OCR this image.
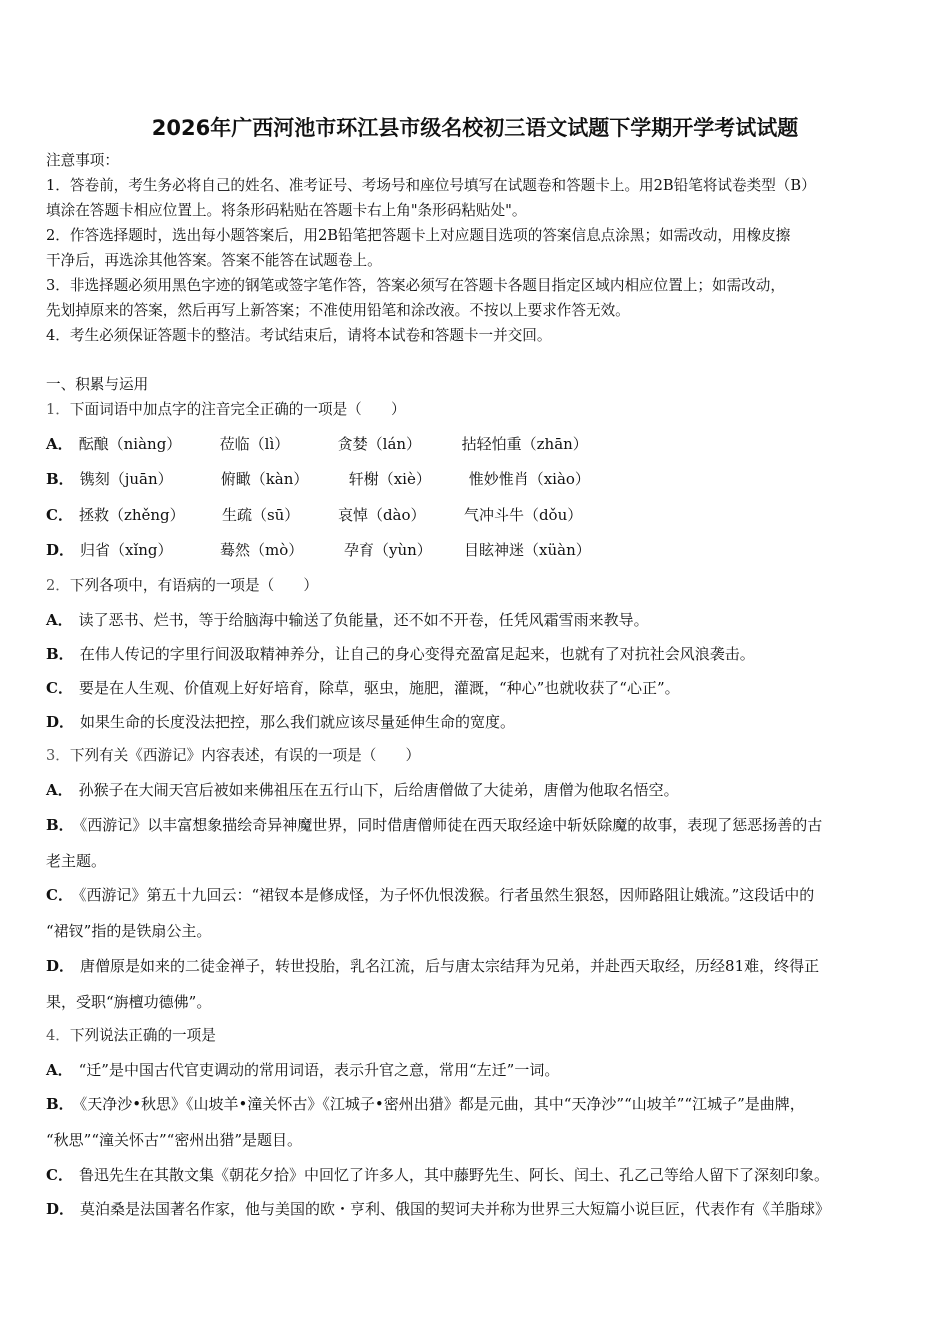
2026年广西河池市环江县市级名校初三语文试题下学期开学考试试题
注意事项：
1．答卷前，考生务必将自己的姓名、准考证号、考场号和座位号填写在试题卷和答题卡上。用2B铅笔将试卷类型（B）
填涂在答题卡相应位置上。将条形码粘贴在答题卡右上角"条形码粘贴处"。
2．作答选择题时，选出每小题答案后，用2B铅笔把答题卡上对应题目选项的答案信息点涂黑；如需改动，用橡皮擦
干净后，再选涂其他答案。答案不能答在试题卷上。
3．非选择题必须用黑色字迹的钢笔或签字笔作答，答案必须写在答题卡各题目指定区域内相应位置上；如需改动，
先划掉原来的答案，然后再写上新答案；不准使用铅笔和涂改液。不按以上要求作答无效。
4．考生必须保证答题卡的整洁。考试结束后，请将本试卷和答题卡一并交回。
一、积累与运用
1．下面词语中加点字的注音完全正确的一项是（　　）
A． 酝酿（niàng）	莅临（lì）	贪婪（lán）	拈轻怕重（zhān）
B． 镌刻（juān）	俯瞰（kàn）	轩榭（xiè）	惟妙惟肖（xiào）
C． 拯救（zhěng） 生疏（sū）	哀悼（dào）	气冲斗牛（dǒu）
D． 归省（xǐng）	蓦然（mò）	孕育（yùn） 目眩神迷（xüàn）
2．下列各项中，有语病的一项是（　　）
A． 读了恶书、烂书，等于给脑海中输送了负能量，还不如不开卷，任凭风霜雪雨来教导。
B． 在伟人传记的字里行间汲取精神养分，让自己的身心变得充盈富足起来，也就有了对抗社会风浪袭击。
C． 要是在人生观、价值观上好好培育，除草，驱虫，施肥，灌溉，“种心”也就收获了“心正”。
D． 如果生命的长度没法把控，那么我们就应该尽量延伸生命的宽度。
3．下列有关《西游记》内容表述，有误的一项是（　　）
A． 孙猴子在大闹天宫后被如来佛祖压在五行山下，后给唐僧做了大徒弟，唐僧为他取名悟空。
B． 《西游记》以丰富想象描绘奇异神魔世界，同时借唐僧师徒在西天取经途中斩妖除魔的故事，表现了惩恶扬善的古
老主题。
C． 《西游记》第五十九回云：“裙钗本是修成怪，为子怀仇恨泼猴。行者虽然生狠怒，因师路阻让娥流。”这段话中的
“裙钗”指的是铁扇公主。
D． 唐僧原是如来的二徒金禅子，转世投胎，乳名江流，后与唐太宗结拜为兄弟，并赴西天取经，历经81难，终得正
果，受职“旃檀功德佛”。
4．下列说法正确的一项是
A． “迁”是中国古代官吏调动的常用词语，表示升官之意，常用“左迁”一词。
B． 《天净沙•秋思》《山坡羊•潼关怀古》《江城子•密州出猎》都是元曲，其中“天净沙”“山坡羊”“江城子”是曲牌，
“秋思”“潼关怀古”“密州出猎”是题目。
C． 鲁迅先生在其散文集《朝花夕拾》中回忆了许多人，其中藤野先生、阿长、闰土、孔乙己等给人留下了深刻印象。
D． 莫泊桑是法国著名作家，他与美国的欧・亨利、俄国的契诃夫并称为世界三大短篇小说巨匠，代表作有《羊脂球》
